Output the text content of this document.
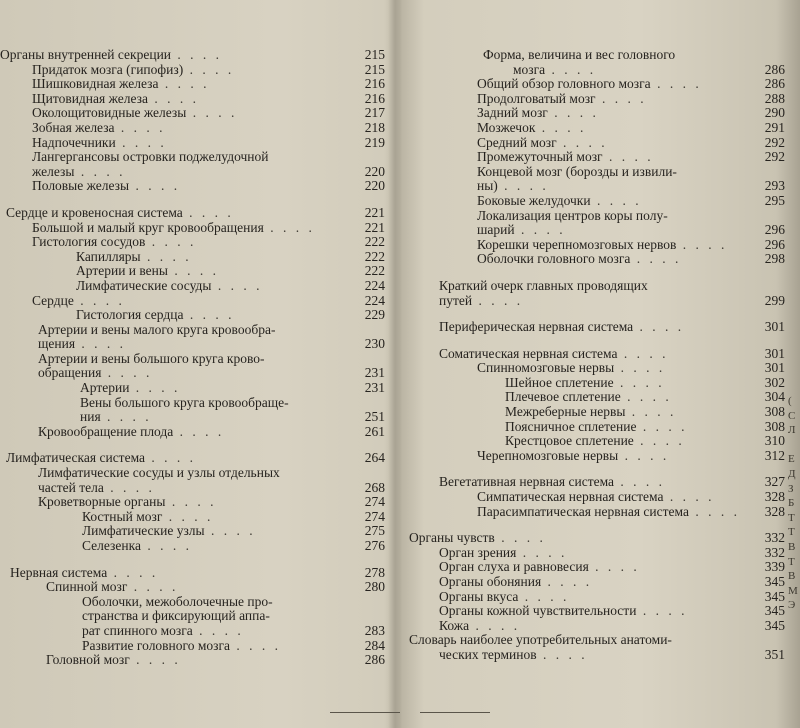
Органы внутренней секреции . . . .	215
Придаток мозга (гипофиз) . . . .	215
Шишковидная железа . . . .	216
Щитовидная железа . . . .	216
Околощитовидные железы . . . .	217
Зобная железа . . . .	218
Надпочечники . . . .	219
Лангергансовы островки поджелудочной
железы . . . .	220
Половые железы . . . .	220
Сердце и кровеносная система . . . .	221
Большой и малый круг кровообращения . . . .	221
Гистология сосудов . . . .	222
Капилляры . . . .	222
Артерии и вены . . . .	222
Лимфатические сосуды . . . .	224
Сердце . . . .	224
Гистология сердца . . . .	229
Артерии и вены малого круга кровообра-
щения . . . .	230
Артерии и вены большого круга крово-
обращения . . . .	231
Артерии . . . .	231
Вены большого круга кровообраще-
ния . . . .	251
Кровообращение плода . . . .	261
Лимфатическая система . . . .	264
Лимфатические сосуды и узлы отдельных
частей тела . . . .	268
Кроветворные органы . . . .	274
Костный мозг . . . .	274
Лимфатические узлы . . . .	275
Селезенка . . . .	276
Нервная система . . . .	278
Спинной мозг . . . .	280
Оболочки, межоболочечные про-
странства и фиксирующий аппа-
рат спинного мозга . . . .	283
Развитие головного мозга . . . .	284
Головной мозг . . . .	286
Форма, величина и вес головного
мозга . . . .	286
Общий обзор головного мозга . . . .	286
Продолговатый мозг . . . .	288
Задний мозг . . . .	290
Мозжечок . . . .	291
Средний мозг . . . .	292
Промежуточный мозг . . . .	292
Концевой мозг (борозды и извили-
ны) . . . .	293
Боковые желудочки . . . .	295
Локализация центров коры полу-
шарий . . . .	296
Корешки черепномозговых нервов . . . .	296
Оболочки головного мозга . . . .	298
Краткий очерк главных проводящих
путей . . . .	299
Периферическая нервная система . . . .	301
Соматическая нервная система . . . .	301
Спинномозговые нервы . . . .	301
Шейное сплетение . . . .	302
Плечевое сплетение . . . .	304
Межреберные нервы . . . .	308
Поясничное сплетение . . . .	308
Крестцовое сплетение . . . .	310
Черепномозговые нервы . . . .	312
Вегетативная нервная система . . . .	327
Симпатическая нервная система . . . .	328
Парасимпатическая нервная система . . . .	328
Органы чувств . . . .	332
Орган зрения . . . .	332
Орган слуха и равновесия . . . .	339
Органы обоняния . . . .	345
Органы вкуса . . . .	345
Органы кожной чувствительности . . . .	345
Кожа . . . .	345
Словарь наиболее употребительных анатоми-
ческих терминов . . . .	351

(
С
Л

Е
Д
З
Б
Т
Т
В
Т
В
М
Э
